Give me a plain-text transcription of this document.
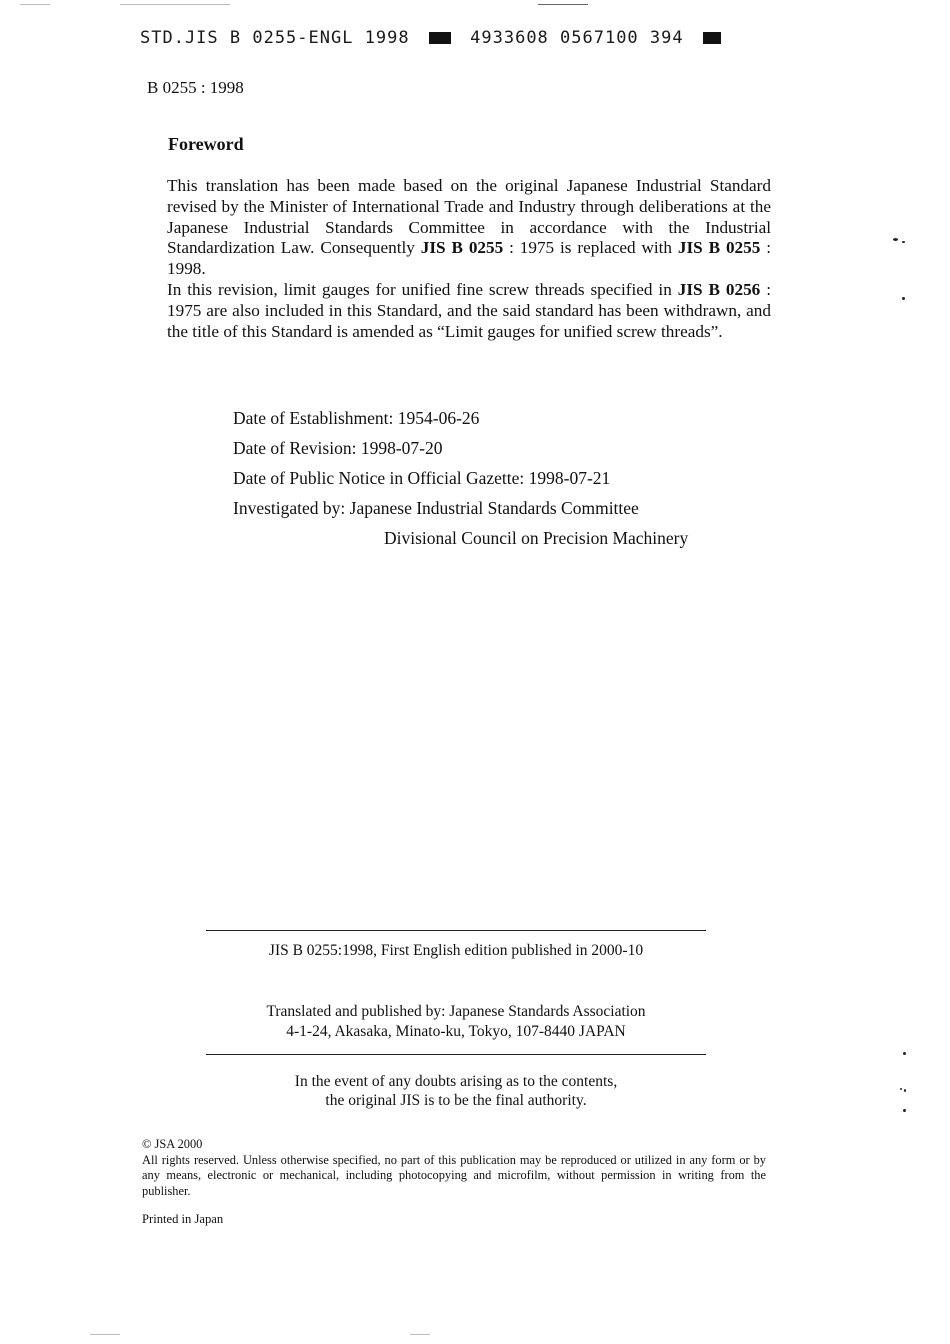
STD.JIS B 0255-ENGL 1998	4933608 0567100 394
B 0255 : 1998
Foreword

This translation has been made based on the original Japanese Industrial Standard revised by the Minister of International Trade and Industry through deliberations at the Japanese Industrial Standards Committee in accordance with the Industrial Standardization Law. Consequently JIS B 0255 : 1975 is replaced with JIS B 0255 : 1998.

In this revision, limit gauges for unified fine screw threads specified in JIS B 0256 : 1975 are also included in this Standard, and the said standard has been withdrawn, and the title of this Standard is amended as “Limit gauges for unified screw threads”.

Date of Establishment: 1954-06-26
Date of Revision: 1998-07-20
Date of Public Notice in Official Gazette: 1998-07-21
Investigated by: Japanese Industrial Standards Committee
Divisional Council on Precision Machinery
JIS B 0255:1998, First English edition published in 2000-10
Translated and published by: Japanese Standards Association
4-1-24, Akasaka, Minato-ku, Tokyo, 107-8440 JAPAN
In the event of any doubts arising as to the contents,
the original JIS is to be the final authority.

© JSA 2000

All rights reserved. Unless otherwise specified, no part of this publication may be reproduced or utilized in any form or by any means, electronic or mechanical, including photocopying and microfilm, without permission in writing from the publisher.

Printed in Japan
